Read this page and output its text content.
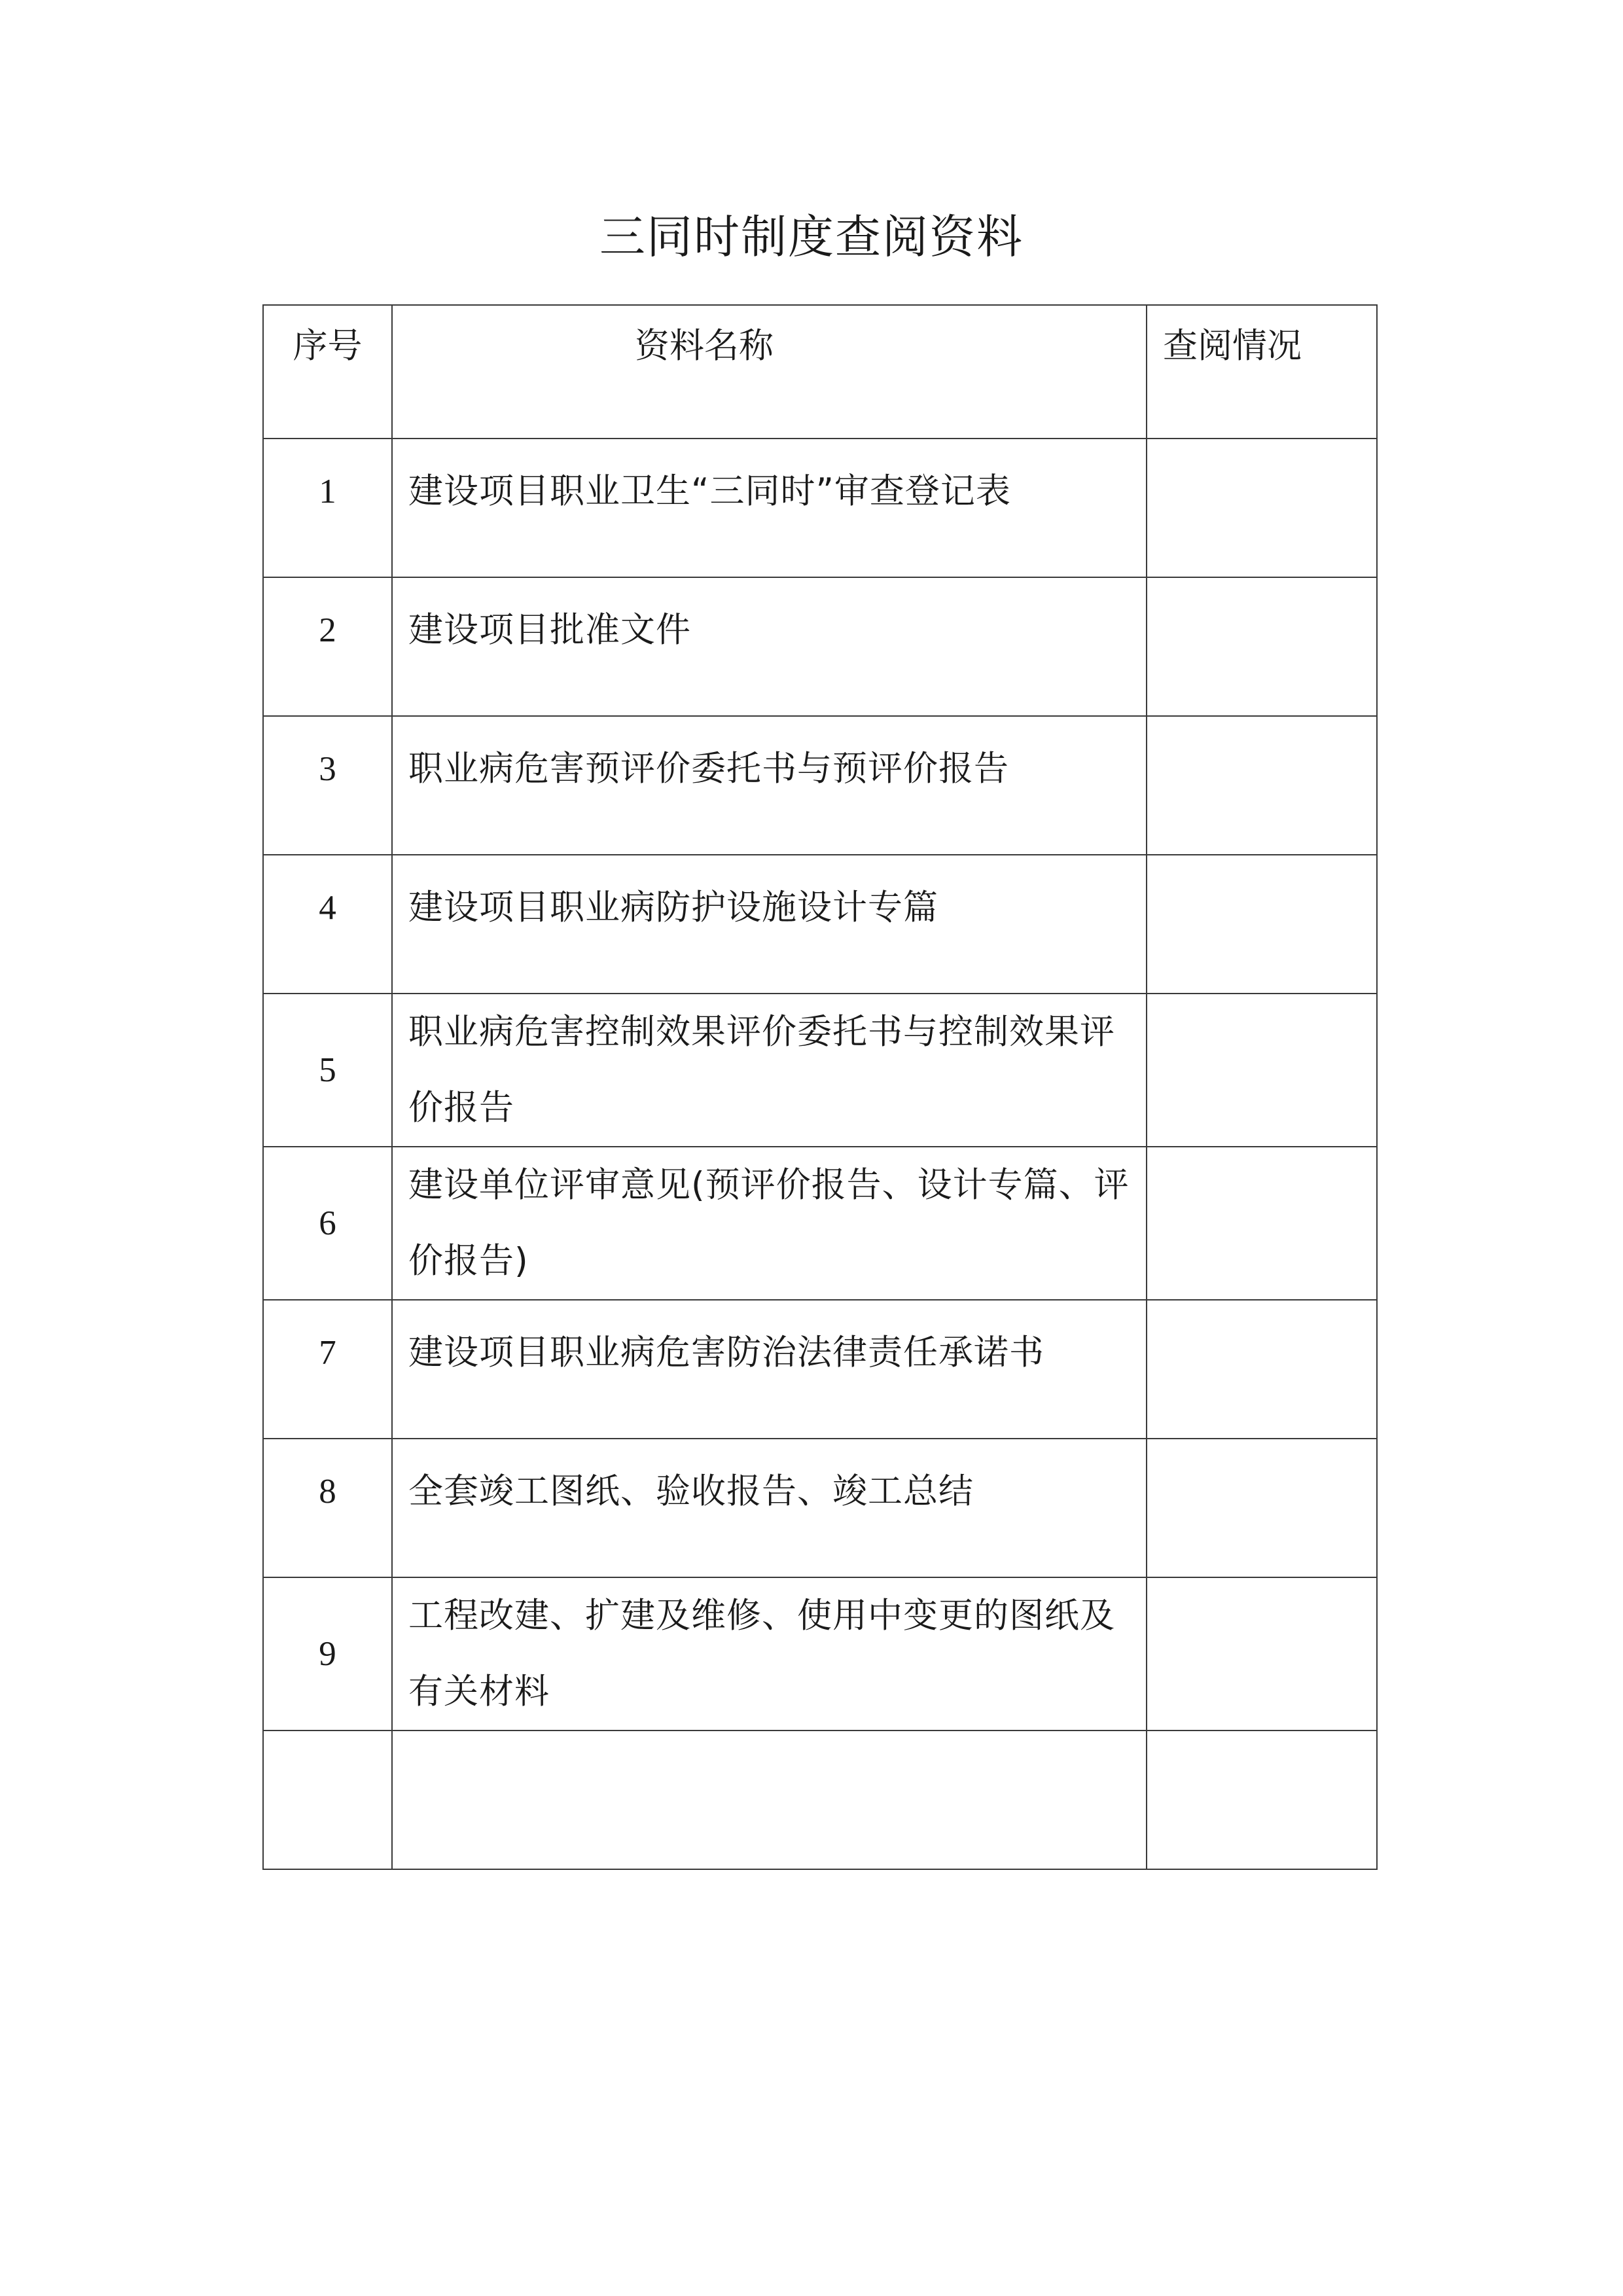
三同时制度查阅资料
序号	资料名称	查阅情况
1	建设项目职业卫生“三同时”审查登记表	
2	建设项目批准文件	
3	职业病危害预评价委托书与预评价报告	
4	建设项目职业病防护设施设计专篇	
5	职业病危害控制效果评价委托书与控制效果评价报告	
6	建设单位评审意见(预评价报告、设计专篇、评价报告)	
7	建设项目职业病危害防治法律责任承诺书	
8	全套竣工图纸、验收报告、竣工总结	
9	工程改建、扩建及维修、使用中变更的图纸及有关材料	
